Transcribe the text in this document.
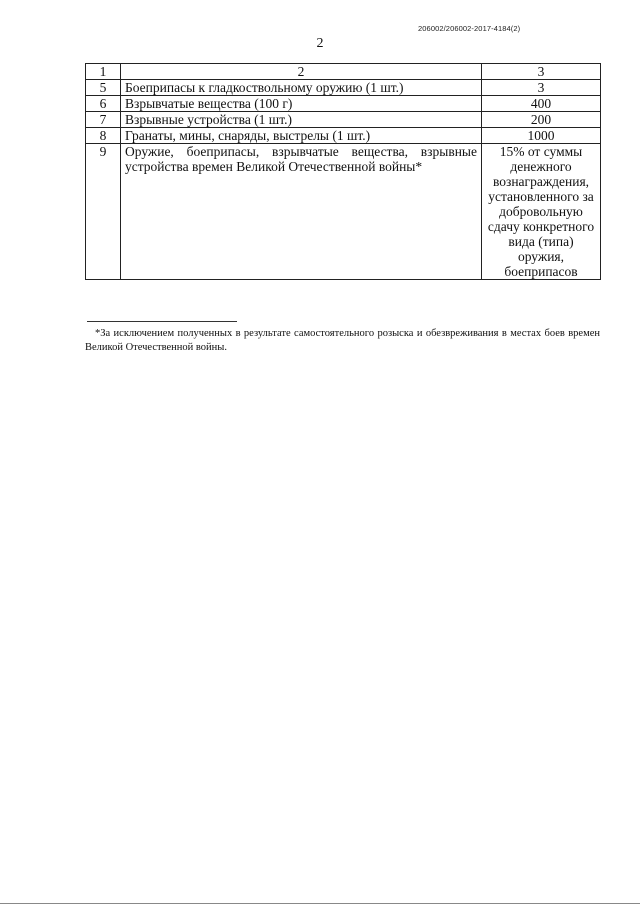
206002/206002-2017-4184(2)
2
1	2	3
5	Боеприпасы к гладкоствольному оружию (1 шт.)	3
6	Взрывчатые вещества (100 г)	400
7	Взрывные устройства (1 шт.)	200
8	Гранаты, мины, снаряды, выстрелы (1 шт.)	1000
9	Оружие, боеприпасы, взрывчатые вещества, взрывные устройства времен Великой Отечественной войны*	15% от суммы денежного вознаграждения, установленного за добровольную сдачу конкретного вида (типа) оружия, боеприпасов
*За исключением полученных в результате самостоятельного розыска и обезвреживания в местах боев времен Великой Отечественной войны.
